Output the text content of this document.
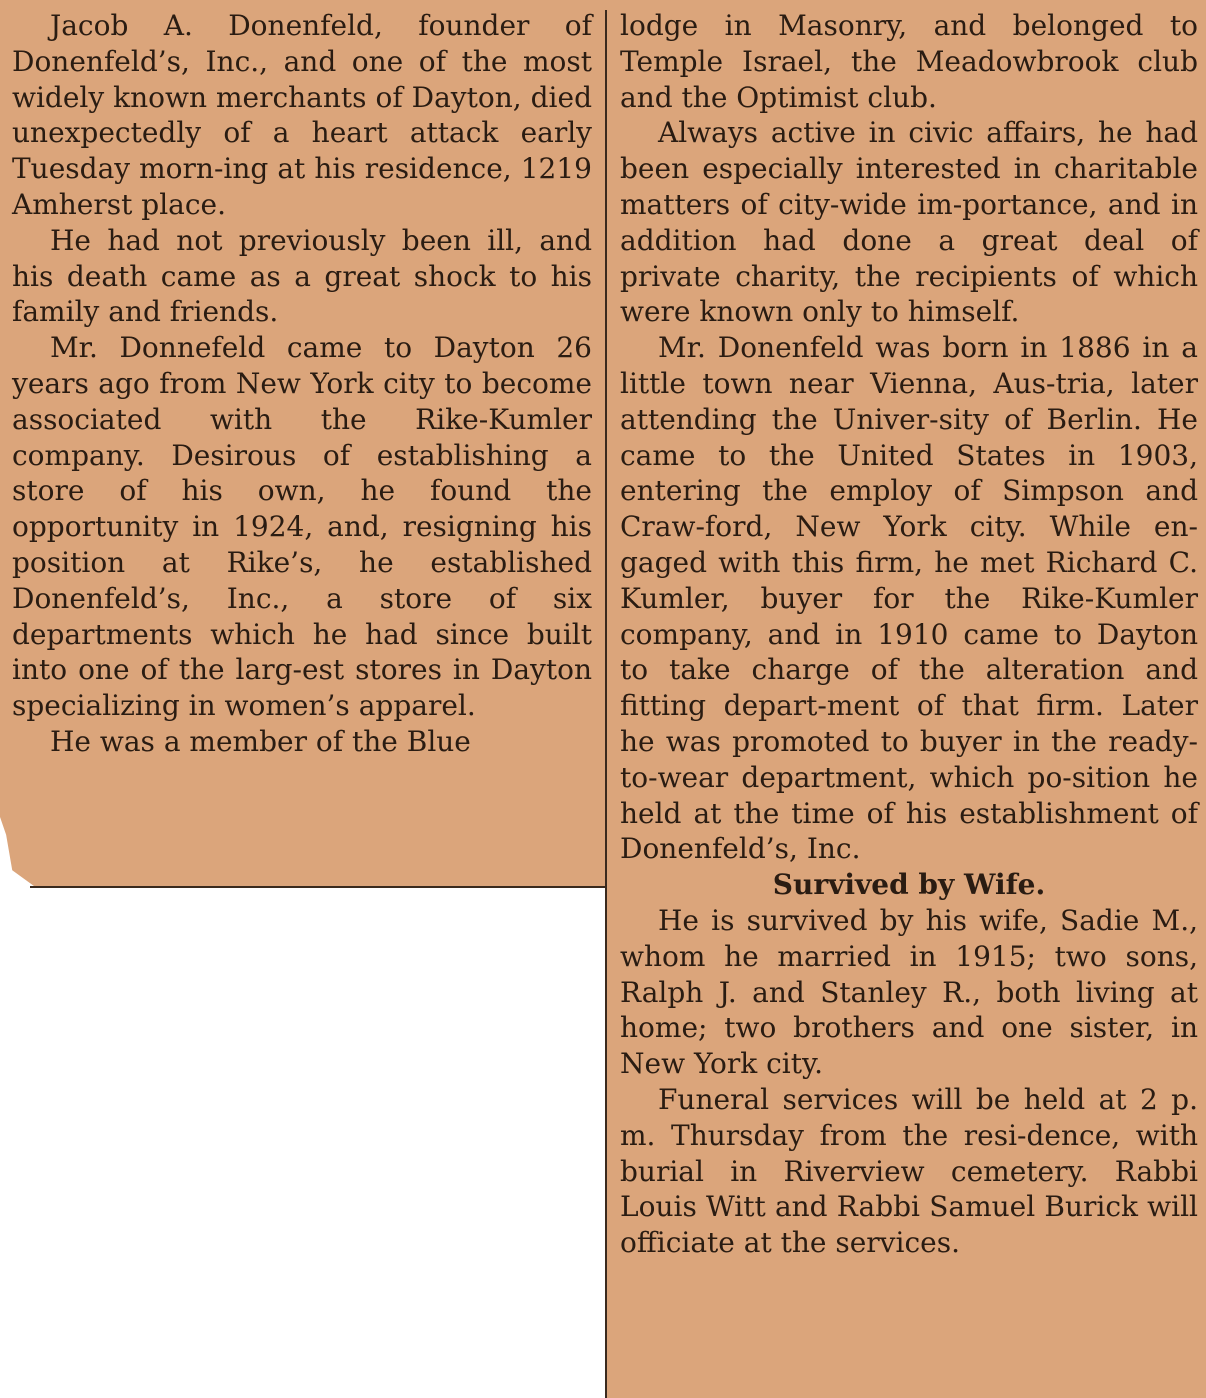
Jacob A. Donenfeld, founder of Donenfeld’s, Inc., and one of the most widely known merchants of Dayton, died unexpectedly of a heart attack early Tuesday morn-ing at his residence, 1219 Amherst place.

He had not previously been ill, and his death came as a great shock to his family and friends.

Mr. Donnefeld came to Dayton 26 years ago from New York city to become associated with the Rike-Kumler company. Desirous of establishing a store of his own, he found the opportunity in 1924, and, resigning his position at Rike’s, he established Donenfeld’s, Inc., a store of six departments which he had since built into one of the larg-est stores in Dayton specializing in women’s apparel.

He was a member of the Blue

lodge in Masonry, and belonged to Temple Israel, the Meadowbrook club and the Optimist club.

Always active in civic affairs, he had been especially interested in charitable matters of city-wide im-portance, and in addition had done a great deal of private charity, the recipients of which were known only to himself.

Mr. Donenfeld was born in 1886 in a little town near Vienna, Aus-tria, later attending the Univer-sity of Berlin. He came to the United States in 1903, entering the employ of Simpson and Craw-ford, New York city. While en-gaged with this firm, he met Richard C. Kumler, buyer for the Rike-Kumler company, and in 1910 came to Dayton to take charge of the alteration and fitting depart-ment of that firm. Later he was promoted to buyer in the ready-to-wear department, which po-sition he held at the time of his establishment of Donenfeld’s, Inc.

Survived by Wife.

He is survived by his wife, Sadie M., whom he married in 1915; two sons, Ralph J. and Stanley R., both living at home; two brothers and one sister, in New York city.

Funeral services will be held at 2 p. m. Thursday from the resi-dence, with burial in Riverview cemetery. Rabbi Louis Witt and Rabbi Samuel Burick will officiate at the services.
